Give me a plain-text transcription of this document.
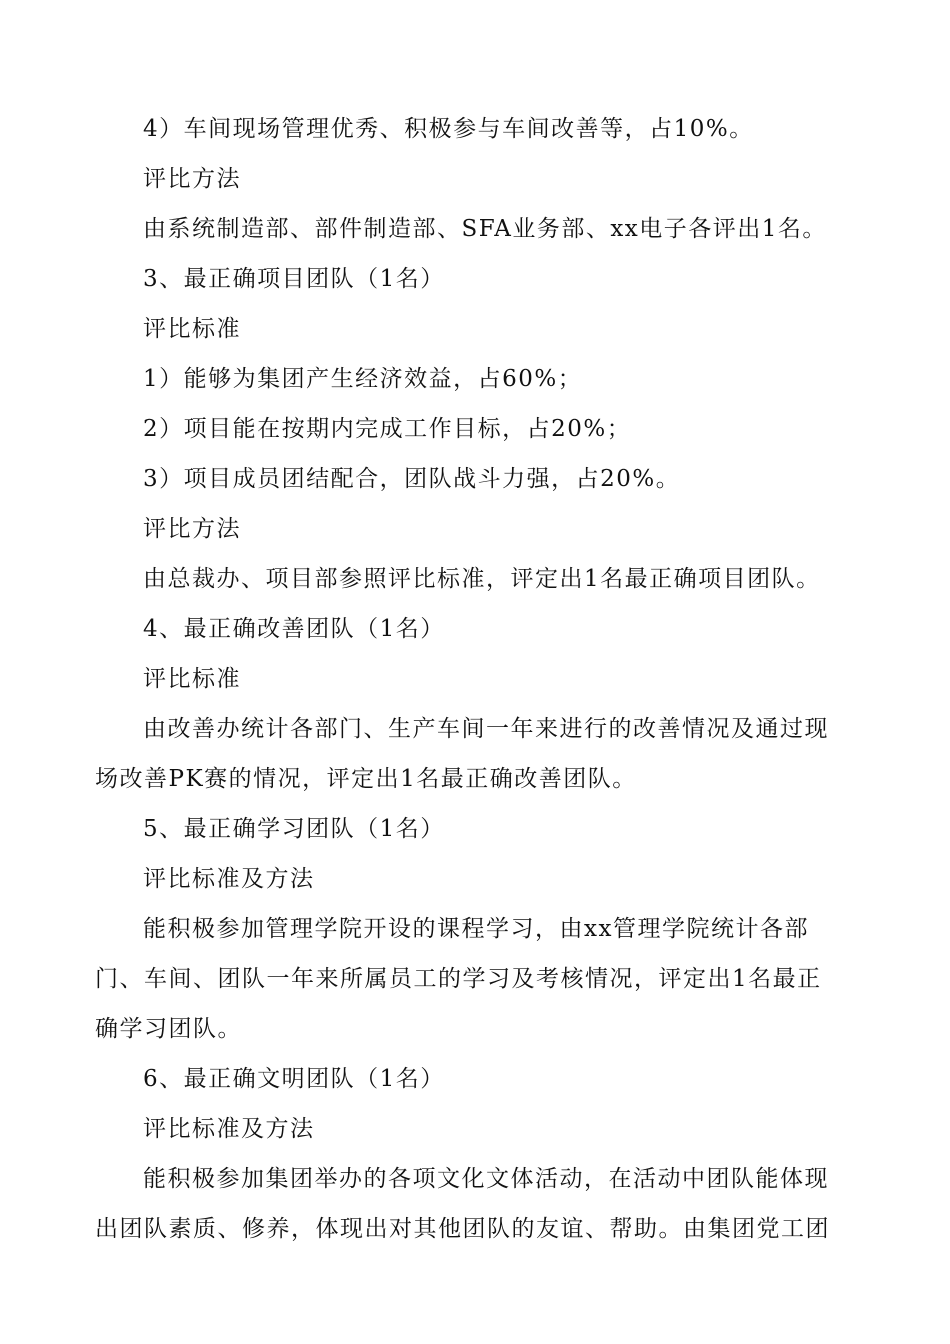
4）车间现场管理优秀、积极参与车间改善等，占10%。
评比方法
由系统制造部、部件制造部、SFA业务部、xx电子各评出1名。
3、最正确项目团队（1名）
评比标准
1）能够为集团产生经济效益，占60%；
2）项目能在按期内完成工作目标，占20%；
3）项目成员团结配合，团队战斗力强，占20%。
评比方法
由总裁办、项目部参照评比标准，评定出1名最正确项目团队。
4、最正确改善团队（1名）
评比标准
由改善办统计各部门、生产车间一年来进行的改善情况及通过现
场改善PK赛的情况，评定出1名最正确改善团队。
5、最正确学习团队（1名）
评比标准及方法
能积极参加管理学院开设的课程学习，由xx管理学院统计各部
门、车间、团队一年来所属员工的学习及考核情况，评定出1名最正
确学习团队。
6、最正确文明团队（1名）
评比标准及方法
能积极参加集团举办的各项文化文体活动，在活动中团队能体现
出团队素质、修养，体现出对其他团队的友谊、帮助。由集团党工团
